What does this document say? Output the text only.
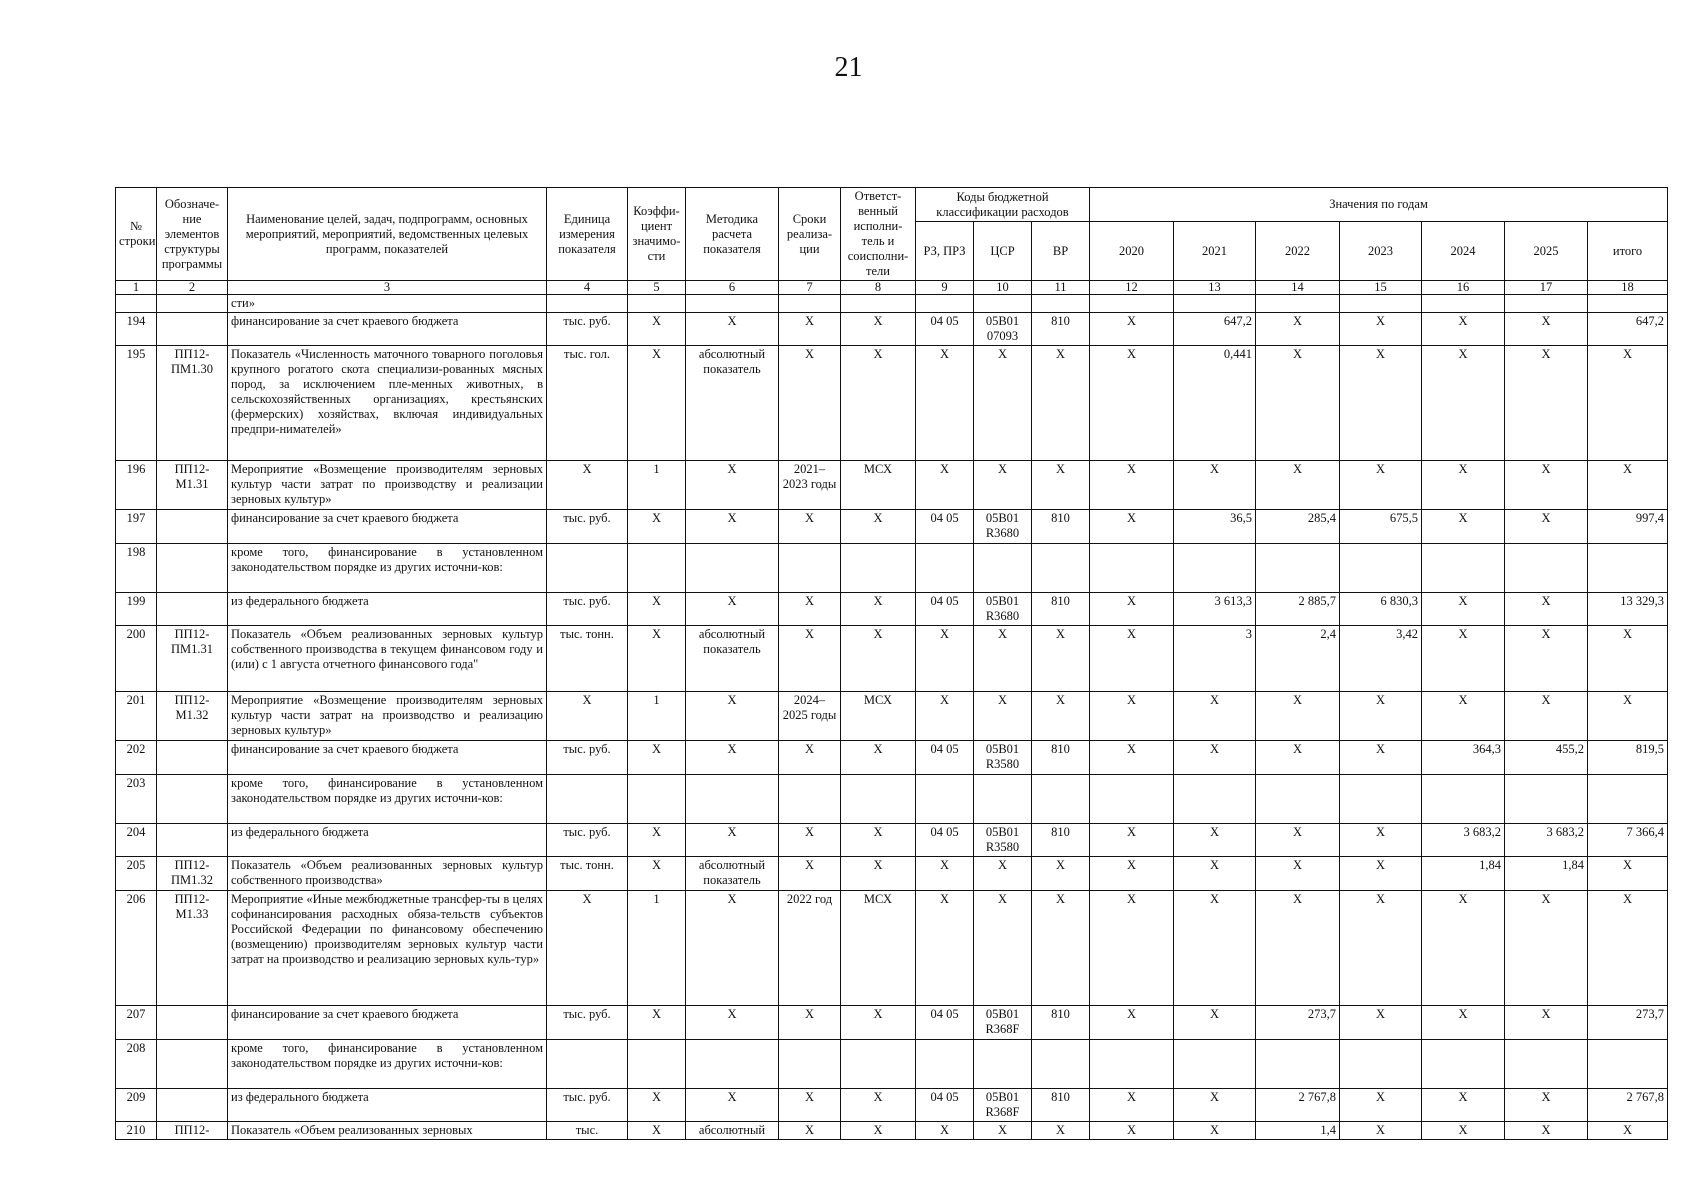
21
№ строки	Обозначе-ние элементов структуры программы	Наименование целей, задач, подпрограмм, основных мероприятий, мероприятий, ведомственных целевых программ, показателей	Единица измерения показателя	Коэффи-циент значимо-сти	Методика расчета показателя	Сроки реализа-ции	Ответст-венный исполни-тель и соисполни-тели	Коды бюджетной классификации расходов			Значения по годам						
								РЗ, ПРЗ	ЦСР	ВР	2020	2021	2022	2023	2024	2025	итого
1	2	3	4	5	6	7	8	9	10	11	12	13	14	15	16	17	18
		сти»															
194		финансирование за счет краевого бюджета	тыс. руб.	X	X	X	X	04 05	05B01 07093	810	X	647,2	X	X	X	X	647,2
195	ПП12-ПМ1.30	Показатель «Численность маточного товарного поголовья крупного рогатого скота специализи-рованных мясных пород, за исключением пле-менных животных, в сельскохозяйственных организациях, крестьянских (фермерских) хозяйствах, включая индивидуальных предпри-нимателей»	тыс. гол.	X	абсолютный показатель	X	X	X	X	X	X	0,441	X	X	X	X	X
196	ПП12-М1.31	Мероприятие «Возмещение производителям зерновых культур части затрат по производству и реализации зерновых культур»	X	1	X	2021–2023 годы	МСХ	X	X	X	X	X	X	X	X	X	X
197		финансирование за счет краевого бюджета	тыс. руб.	X	X	X	X	04 05	05B01 R3680	810	X	36,5	285,4	675,5	X	X	997,4
198		кроме того, финансирование в установленном законодательством порядке из других источни-ков:															
199		из федерального бюджета	тыс. руб.	X	X	X	X	04 05	05B01 R3680	810	X	3 613,3	2 885,7	6 830,3	X	X	13 329,3
200	ПП12-ПМ1.31	Показатель «Объем реализованных зерновых культур собственного производства в текущем финансовом году и (или) с 1 августа отчетного финансового года"	тыс. тонн.	X	абсолютный показатель	X	X	X	X	X	X	3	2,4	3,42	X	X	X
201	ПП12-М1.32	Мероприятие «Возмещение производителям зерновых культур части затрат на производство и реализацию зерновых культур»	X	1	X	2024–2025 годы	МСХ	X	X	X	X	X	X	X	X	X	X
202		финансирование за счет краевого бюджета	тыс. руб.	X	X	X	X	04 05	05B01 R3580	810	X	X	X	X	364,3	455,2	819,5
203		кроме того, финансирование в установленном законодательством порядке из других источни-ков:															
204		из федерального бюджета	тыс. руб.	X	X	X	X	04 05	05B01 R3580	810	X	X	X	X	3 683,2	3 683,2	7 366,4
205	ПП12-ПМ1.32	Показатель «Объем реализованных зерновых культур собственного производства»	тыс. тонн.	X	абсолютный показатель	X	X	X	X	X	X	X	X	X	1,84	1,84	X
206	ПП12-М1.33	Мероприятие «Иные межбюджетные трансфер-ты в целях софинансирования расходных обяза-тельств субъектов Российской Федерации по финансовому обеспечению (возмещению) производителям зерновых культур части затрат на производство и реализацию зерновых куль-тур»	X	1	X	2022 год	МСХ	X	X	X	X	X	X	X	X	X	X
207		финансирование за счет краевого бюджета	тыс. руб.	X	X	X	X	04 05	05B01 R368F	810	X	X	273,7	X	X	X	273,7
208		кроме того, финансирование в установленном законодательством порядке из других источни-ков:															
209		из федерального бюджета	тыс. руб.	X	X	X	X	04 05	05B01 R368F	810	X	X	2 767,8	X	X	X	2 767,8
210	ПП12-	Показатель «Объем реализованных зерновых	тыс.	X	абсолютный	X	X	X	X	X	X	X	1,4	X	X	X	X
